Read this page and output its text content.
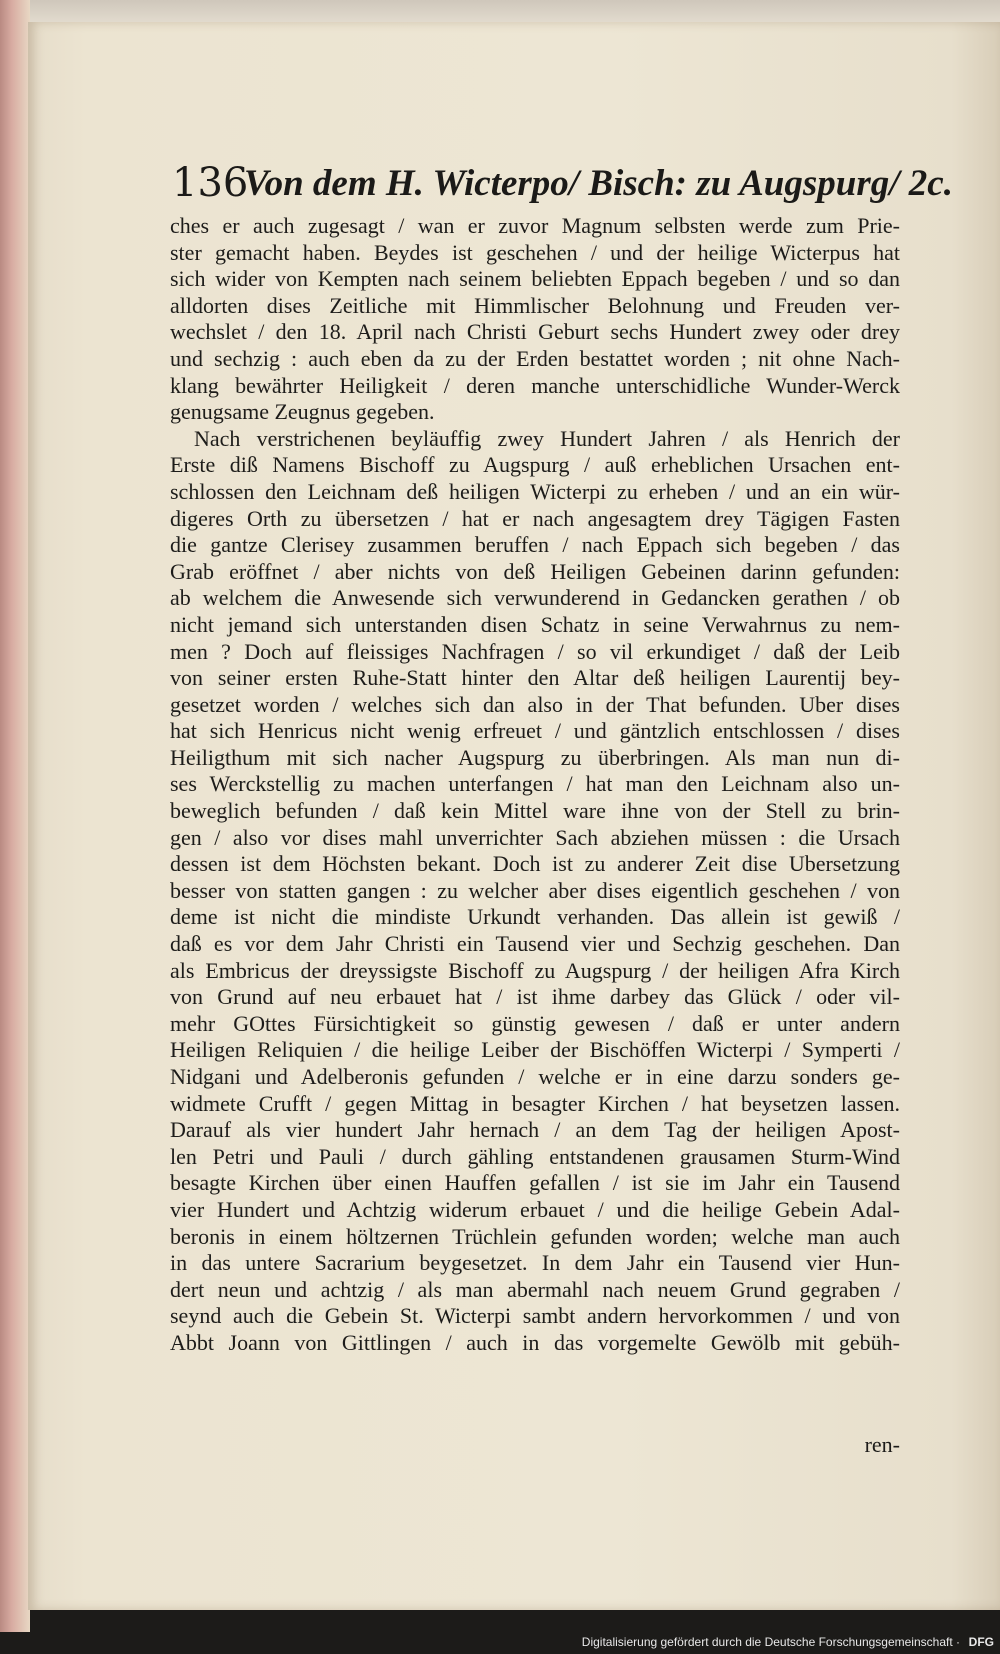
136
Von dem H. Wicterpo/ Bisch: zu Augspurg/ 2c.
ches er auch zugesagt / wan er zuvor Magnum selbsten werde zum Prie-
ster gemacht haben. Beydes ist geschehen / und der heilige Wicterpus hat
sich wider von Kempten nach seinem beliebten Eppach begeben / und so dan
alldorten dises Zeitliche mit Himmlischer Belohnung und Freuden ver-
wechslet / den 18. April nach Christi Geburt sechs Hundert zwey oder drey
und sechzig : auch eben da zu der Erden bestattet worden ; nit ohne Nach-
klang bewährter Heiligkeit / deren manche unterschidliche Wunder-Werck
genugsame Zeugnus gegeben.
Nach verstrichenen beyläuffig zwey Hundert Jahren / als Henrich der
Erste diß Namens Bischoff zu Augspurg / auß erheblichen Ursachen ent-
schlossen den Leichnam deß heiligen Wicterpi zu erheben / und an ein wür-
digeres Orth zu übersetzen / hat er nach angesagtem drey Tägigen Fasten
die gantze Clerisey zusammen beruffen / nach Eppach sich begeben / das
Grab eröffnet / aber nichts von deß Heiligen Gebeinen darinn gefunden:
ab welchem die Anwesende sich verwunderend in Gedancken gerathen / ob
nicht jemand sich unterstanden disen Schatz in seine Verwahrnus zu nem-
men ? Doch auf fleissiges Nachfragen / so vil erkundiget / daß der Leib
von seiner ersten Ruhe-Statt hinter den Altar deß heiligen Laurentij bey-
gesetzet worden / welches sich dan also in der That befunden. Uber dises
hat sich Henricus nicht wenig erfreuet / und gäntzlich entschlossen / dises
Heiligthum mit sich nacher Augspurg zu überbringen. Als man nun di-
ses Werckstellig zu machen unterfangen / hat man den Leichnam also un-
beweglich befunden / daß kein Mittel ware ihne von der Stell zu brin-
gen / also vor dises mahl unverrichter Sach abziehen müssen : die Ursach
dessen ist dem Höchsten bekant. Doch ist zu anderer Zeit dise Ubersetzung
besser von statten gangen : zu welcher aber dises eigentlich geschehen / von
deme ist nicht die mindiste Urkundt verhanden. Das allein ist gewiß /
daß es vor dem Jahr Christi ein Tausend vier und Sechzig geschehen. Dan
als Embricus der dreyssigste Bischoff zu Augspurg / der heiligen Afra Kirch
von Grund auf neu erbauet hat / ist ihme darbey das Glück / oder vil-
mehr GOttes Fürsichtigkeit so günstig gewesen / daß er unter andern
Heiligen Reliquien / die heilige Leiber der Bischöffen Wicterpi / Symperti /
Nidgani und Adelberonis gefunden / welche er in eine darzu sonders ge-
widmete Crufft / gegen Mittag in besagter Kirchen / hat beysetzen lassen.
Darauf als vier hundert Jahr hernach / an dem Tag der heiligen Apost-
len Petri und Pauli / durch gähling entstandenen grausamen Sturm-Wind
besagte Kirchen über einen Hauffen gefallen / ist sie im Jahr ein Tausend
vier Hundert und Achtzig widerum erbauet / und die heilige Gebein Adal-
beronis in einem höltzernen Trüchlein gefunden worden; welche man auch
in das untere Sacrarium beygesetzet. In dem Jahr ein Tausend vier Hun-
dert neun und achtzig / als man abermahl nach neuem Grund gegraben /
seynd auch die Gebein St. Wicterpi sambt andern hervorkommen / und von
Abbt Joann von Gittlingen / auch in das vorgemelte Gewölb mit gebüh-
ren-
Digitalisierung gefördert durch die Deutsche Forschungsgemeinschaft · DFG
